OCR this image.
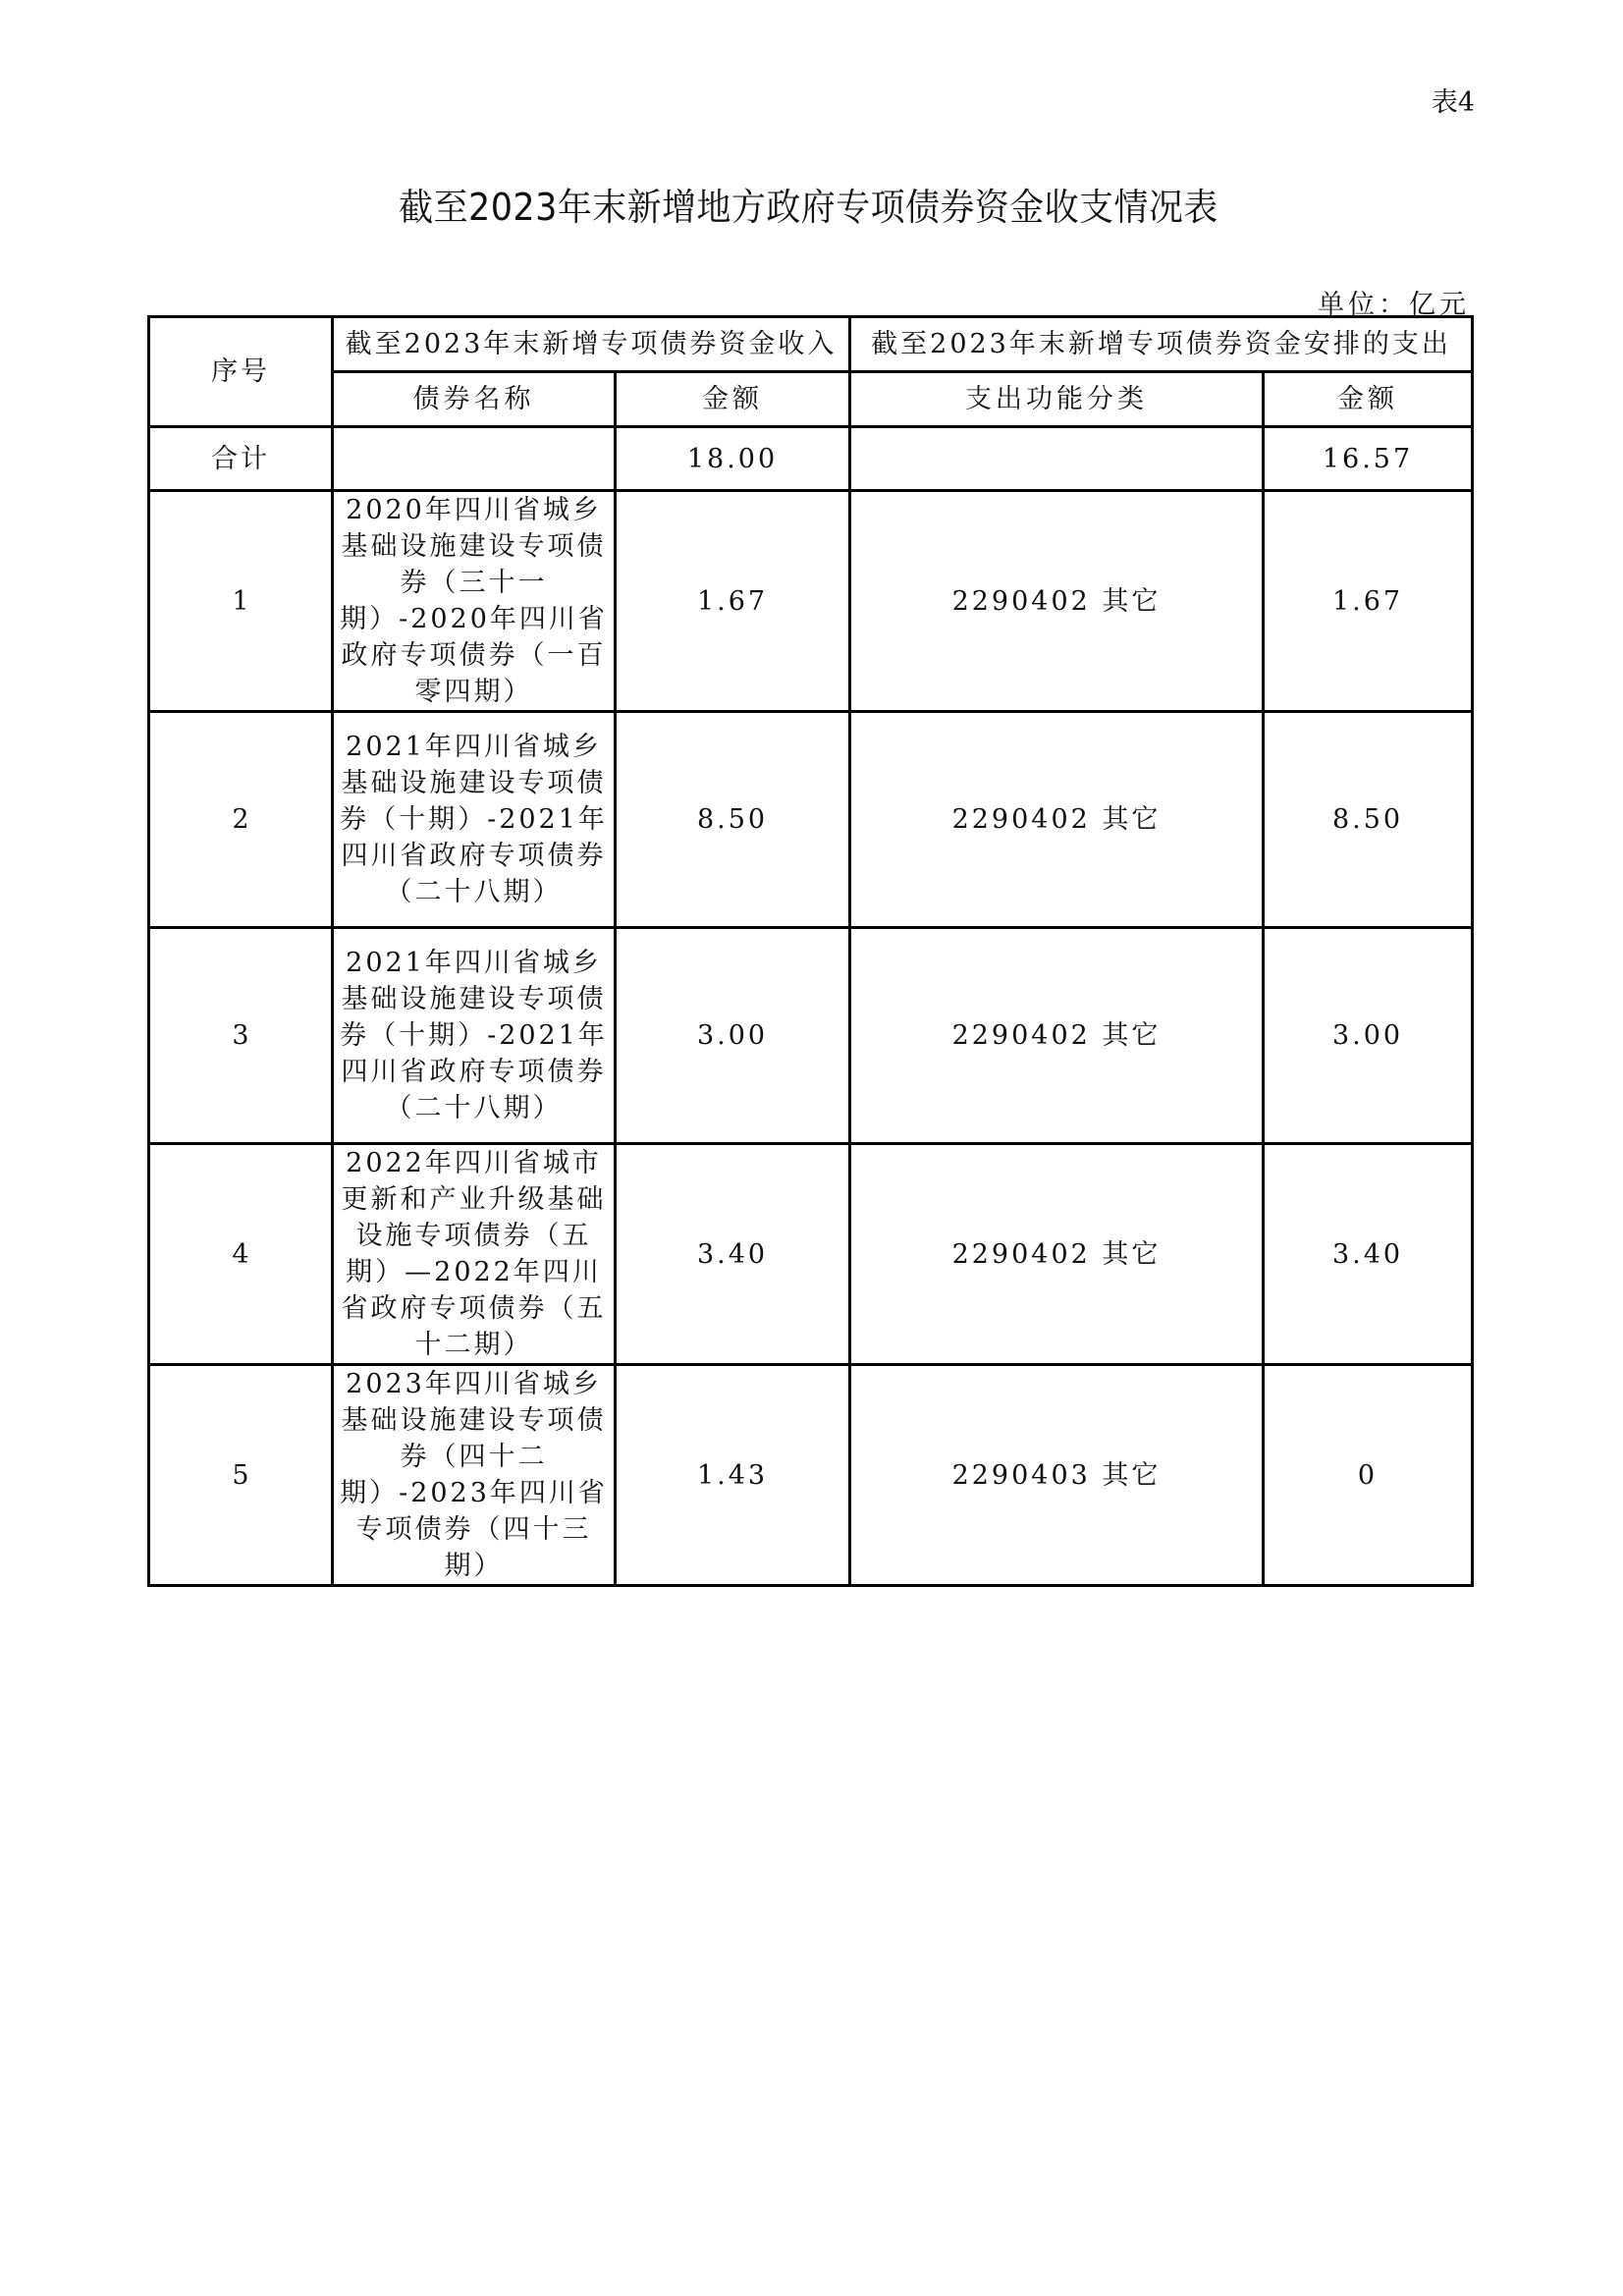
表4
截至2023年末新增地方政府专项债券资金收支情况表
单位：亿元
序号	截至2023年末新增专项债券资金收入		截至2023年末新增专项债券资金安排的支出	
	债券名称	金额	支出功能分类	金额
合计		18.00		16.57
1	2020年四川省城乡基础设施建设专项债券（三十一期）-2020年四川省政府专项债券（一百零四期）	1.67	2290402 其它	1.67
2	2021年四川省城乡基础设施建设专项债券（十期）-2021年四川省政府专项债券（二十八期）	8.50	2290402 其它	8.50
3	2021年四川省城乡基础设施建设专项债券（十期）-2021年四川省政府专项债券（二十八期）	3.00	2290402 其它	3.00
4	2022年四川省城市更新和产业升级基础设施专项债券（五期）—2022年四川省政府专项债券（五十二期）	3.40	2290402 其它	3.40
5	2023年四川省城乡基础设施建设专项债券（四十二期）-2023年四川省专项债券（四十三期）	1.43	2290403 其它	0
